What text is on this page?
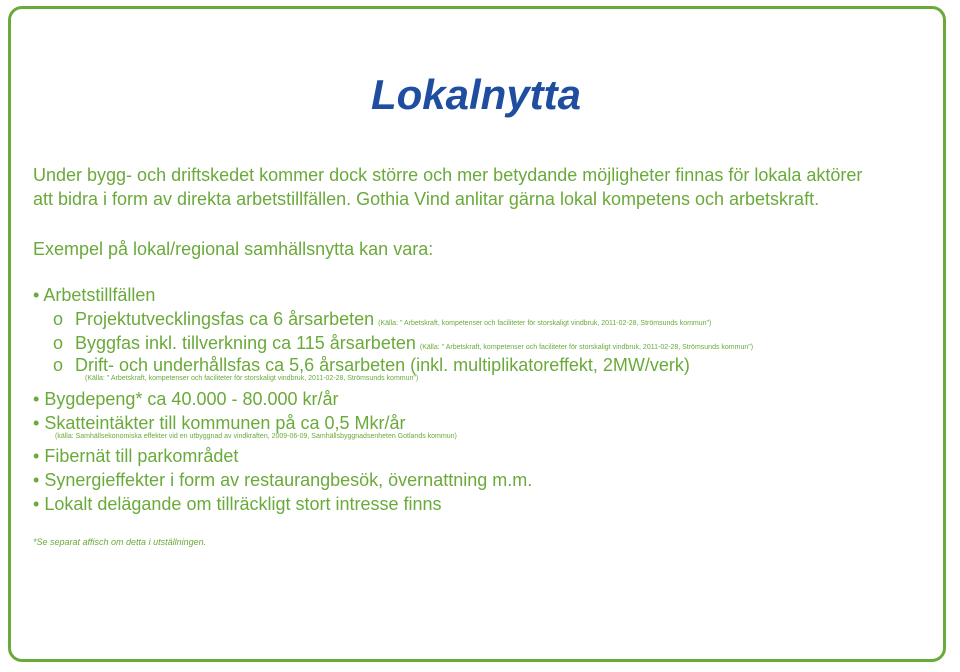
Lokalnytta
Under bygg- och driftskedet kommer dock större och mer betydande möjligheter finnas för lokala aktörer
att bidra i form av direkta arbetstillfällen. Gothia Vind anlitar gärna lokal kompetens och arbetskraft.
Exempel på lokal/regional samhällsnytta kan vara:
• Arbetstillfällen
o Projektutvecklingsfas ca 6 årsarbeten (Källa: " Arbetskraft, kompetenser och faciliteter för storskaligt vindbruk, 2011-02-28, Strömsunds kommun")
o Byggfas inkl. tillverkning ca 115 årsarbeten (Källa: " Arbetskraft, kompetenser och faciliteter för storskaligt vindbruk, 2011-02-28, Strömsunds kommun")
o Drift- och underhållsfas ca 5,6 årsarbeten (inkl. multiplikatoreffekt, 2MW/verk)
(Källa: " Arbetskraft, kompetenser och faciliteter för storskaligt vindbruk, 2011-02-28, Strömsunds kommun")
• Bygdepeng* ca 40.000 - 80.000 kr/år
• Skatteintäkter till kommunen på ca 0,5 Mkr/år
(källa: Samhällsekonomiska effekter vid en utbyggnad av vindkraften, 2009-06-09, Samhällsbyggnadsenheten Gotlands kommun)
• Fibernät till parkområdet
• Synergieffekter i form av restaurangbesök, övernattning m.m.
• Lokalt delägande om tillräckligt stort intresse finns
*Se separat affisch om detta i utställningen.
